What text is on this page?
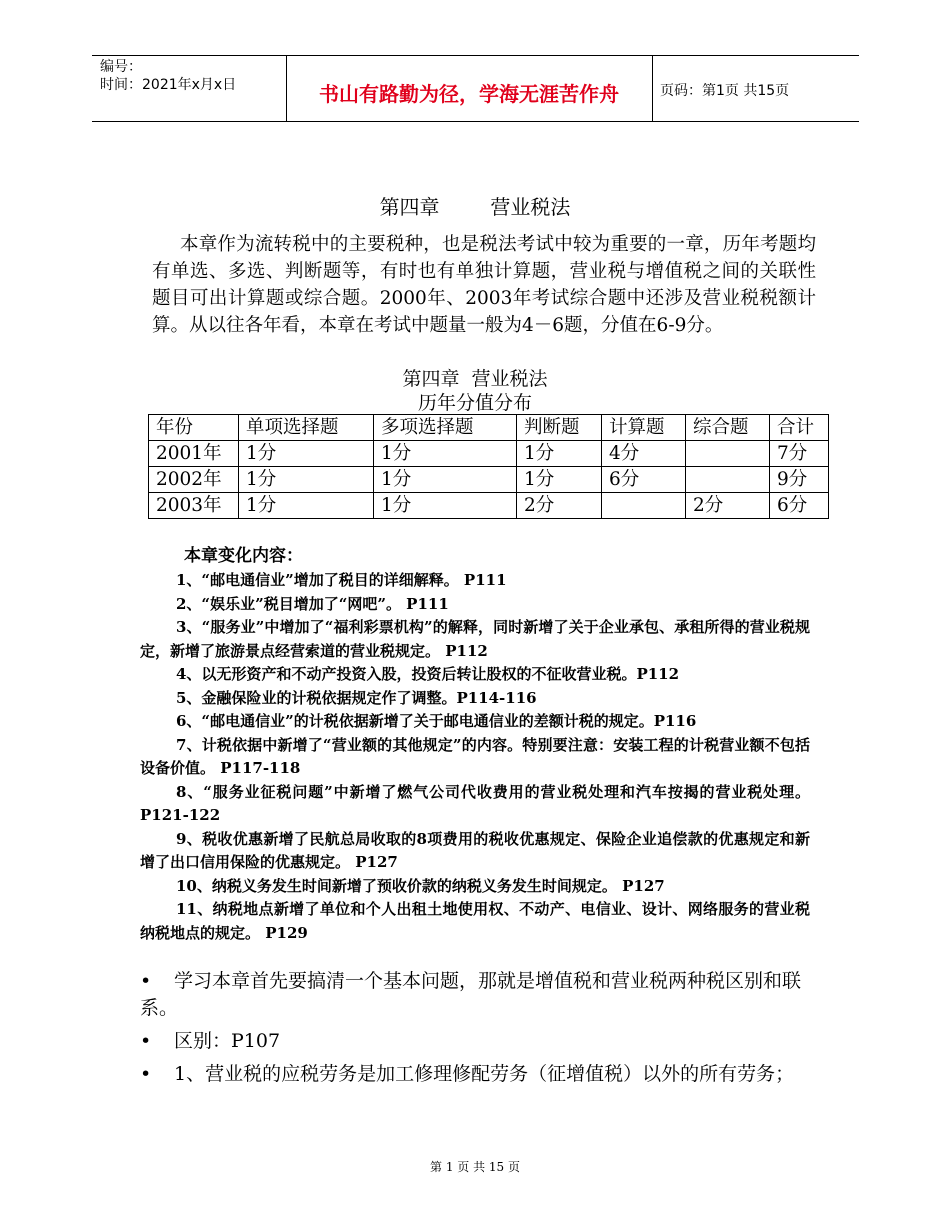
编号：
时间：2021年x月x日	书山有路勤为径，学海无涯苦作舟	页码：第1页 共15页
第四章        营业税法

本章作为流转税中的主要税种，也是税法考试中较为重要的一章，历年考题均有单选、多选、判断题等，有时也有单独计算题，营业税与增值税之间的关联性题目可出计算题或综合题。2000年、2003年考试综合题中还涉及营业税税额计算。从以往各年看，本章在考试中题量一般为4－6题，分值在6-9分。

第四章  营业税法
历年分值分布
年份	单项选择题	多项选择题	判断题	计算题	综合题	合计
2001年	1分	1分	1分	4分		7分
2002年	1分	1分	1分	6分		9分
2003年	1分	1分	2分		2分	6分
本章变化内容：

1、“邮电通信业”增加了税目的详细解释。 P111

2、“娱乐业”税目增加了“网吧”。 P111

3、“服务业”中增加了“福利彩票机构”的解释，同时新增了关于企业承包、承租所得的营业税规定，新增了旅游景点经营索道的营业税规定。 P112

4、以无形资产和不动产投资入股，投资后转让股权的不征收营业税。P112

5、金融保险业的计税依据规定作了调整。P114-116

6、“邮电通信业”的计税依据新增了关于邮电通信业的差额计税的规定。P116

7、计税依据中新增了“营业额的其他规定”的内容。特别要注意：安装工程的计税营业额不包括设备价值。 P117-118

8、“服务业征税问题”中新增了燃气公司代收费用的营业税处理和汽车按揭的营业税处理。 P121-122

9、税收优惠新增了民航总局收取的8项费用的税收优惠规定、保险企业追偿款的优惠规定和新增了出口信用保险的优惠规定。 P127

10、纳税义务发生时间新增了预收价款的纳税义务发生时间规定。 P127

11、纳税地点新增了单位和个人出租土地使用权、不动产、电信业、设计、网络服务的营业税纳税地点的规定。 P129

•	学习本章首先要搞清一个基本问题，那就是增值税和营业税两种税区别和联系。
•	区别：P107
•	1、营业税的应税劳务是加工修理修配劳务（征增值税）以外的所有劳务；
第 1 页 共 15 页
